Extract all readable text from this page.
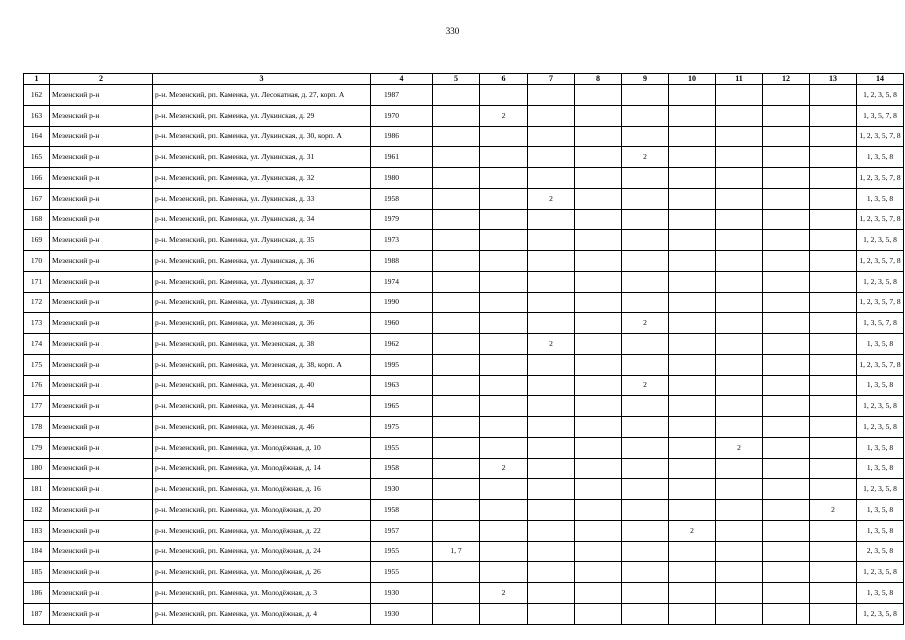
330
1	2	3	4	5	6	7	8	9	10	11	12	13	14
162	Мезенский р-н	р-н. Мезенский, рп. Каменка, ул. Лесокатная, д. 27, корп. А	1987										1, 2, 3, 5, 8
163	Мезенский р-н	р-н. Мезенский, рп. Каменка, ул. Лукинская, д. 29	1970		2								1, 3, 5, 7, 8
164	Мезенский р-н	р-н. Мезенский, рп. Каменка, ул. Лукинская, д. 30, корп. А	1986										1, 2, 3, 5, 7, 8
165	Мезенский р-н	р-н. Мезенский, рп. Каменка, ул. Лукинская, д. 31	1961					2					1, 3, 5, 8
166	Мезенский р-н	р-н. Мезенский, рп. Каменка, ул. Лукинская, д. 32	1980										1, 2, 3, 5, 7, 8
167	Мезенский р-н	р-н. Мезенский, рп. Каменка, ул. Лукинская, д. 33	1958			2							1, 3, 5, 8
168	Мезенский р-н	р-н. Мезенский, рп. Каменка, ул. Лукинская, д. 34	1979										1, 2, 3, 5, 7, 8
169	Мезенский р-н	р-н. Мезенский, рп. Каменка, ул. Лукинская, д. 35	1973										1, 2, 3, 5, 8
170	Мезенский р-н	р-н. Мезенский, рп. Каменка, ул. Лукинская, д. 36	1988										1, 2, 3, 5, 7, 8
171	Мезенский р-н	р-н. Мезенский, рп. Каменка, ул. Лукинская, д. 37	1974										1, 2, 3, 5, 8
172	Мезенский р-н	р-н. Мезенский, рп. Каменка, ул. Лукинская, д. 38	1990										1, 2, 3, 5, 7, 8
173	Мезенский р-н	р-н. Мезенский, рп. Каменка, ул. Мезенская, д. 36	1960					2					1, 3, 5, 7, 8
174	Мезенский р-н	р-н. Мезенский, рп. Каменка, ул. Мезенская, д. 38	1962			2							1, 3, 5, 8
175	Мезенский р-н	р-н. Мезенский, рп. Каменка, ул. Мезенская, д. 38, корп. А	1995										1, 2, 3, 5, 7, 8
176	Мезенский р-н	р-н. Мезенский, рп. Каменка, ул. Мезенская, д. 40	1963					2					1, 3, 5, 8
177	Мезенский р-н	р-н. Мезенский, рп. Каменка, ул. Мезенская, д. 44	1965										1, 2, 3, 5, 8
178	Мезенский р-н	р-н. Мезенский, рп. Каменка, ул. Мезенская, д. 46	1975										1, 2, 3, 5, 8
179	Мезенский р-н	р-н. Мезенский, рп. Каменка, ул. Молодёжная, д. 10	1955							2			1, 3, 5, 8
180	Мезенский р-н	р-н. Мезенский, рп. Каменка, ул. Молодёжная, д. 14	1958		2								1, 3, 5, 8
181	Мезенский р-н	р-н. Мезенский, рп. Каменка, ул. Молодёжная, д. 16	1930										1, 2, 3, 5, 8
182	Мезенский р-н	р-н. Мезенский, рп. Каменка, ул. Молодёжная, д. 20	1958									2	1, 3, 5, 8
183	Мезенский р-н	р-н. Мезенский, рп. Каменка, ул. Молодёжная, д. 22	1957						2				1, 3, 5, 8
184	Мезенский р-н	р-н. Мезенский, рп. Каменка, ул. Молодёжная, д. 24	1955	1, 7									2, 3, 5, 8
185	Мезенский р-н	р-н. Мезенский, рп. Каменка, ул. Молодёжная, д. 26	1955										1, 2, 3, 5, 8
186	Мезенский р-н	р-н. Мезенский, рп. Каменка, ул. Молодёжная, д. 3	1930		2								1, 3, 5, 8
187	Мезенский р-н	р-н. Мезенский, рп. Каменка, ул. Молодёжная, д. 4	1930										1, 2, 3, 5, 8
